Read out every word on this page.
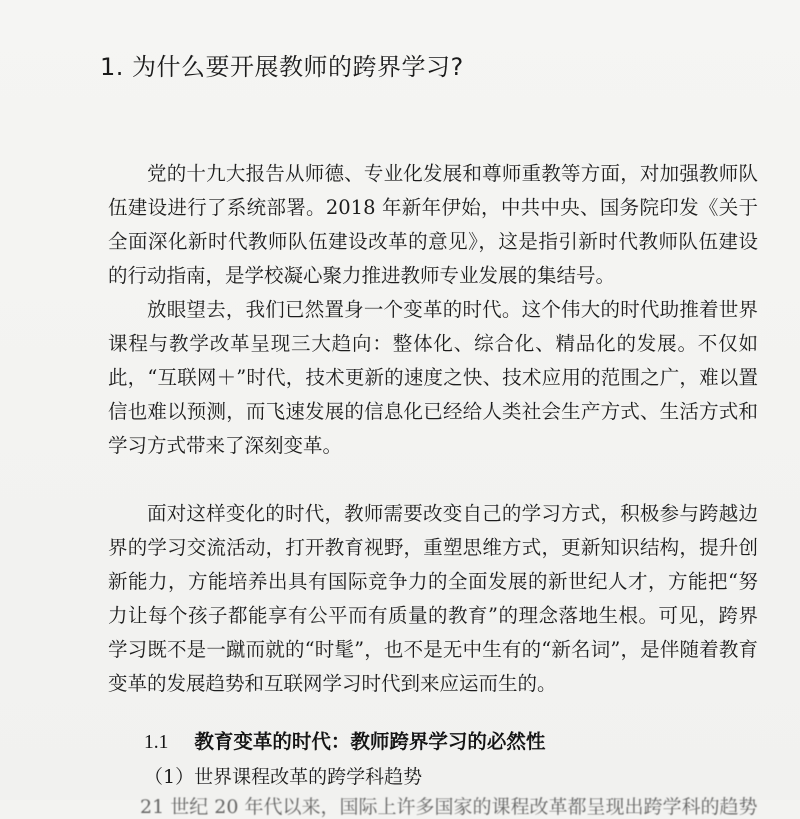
1. 为什么要开展教师的跨界学习?

党的十九大报告从师德、专业化发展和尊师重教等方面，对加强教师队伍建设进行了系统部署。2018 年新年伊始，中共中央、国务院印发《关于全面深化新时代教师队伍建设改革的意见》，这是指引新时代教师队伍建设的行动指南，是学校凝心聚力推进教师专业发展的集结号。

放眼望去，我们已然置身一个变革的时代。这个伟大的时代助推着世界课程与教学改革呈现三大趋向：整体化、综合化、精品化的发展。不仅如此，“互联网＋”时代，技术更新的速度之快、技术应用的范围之广，难以置信也难以预测，而飞速发展的信息化已经给人类社会生产方式、生活方式和学习方式带来了深刻变革。

面对这样变化的时代，教师需要改变自己的学习方式，积极参与跨越边界的学习交流活动，打开教育视野，重塑思维方式，更新知识结构，提升创新能力，方能培养出具有国际竞争力的全面发展的新世纪人才，方能把“努力让每个孩子都能享有公平而有质量的教育”的理念落地生根。可见，跨界学习既不是一蹴而就的“时髦”，也不是无中生有的“新名词”，是伴随着教育变革的发展趋势和互联网学习时代到来应运而生的。

1.1 教育变革的时代：教师跨界学习的必然性
（1）世界课程改革的跨学科趋势
21 世纪 20 年代以来，国际上许多国家的课程改革都呈现出跨学科的趋势
